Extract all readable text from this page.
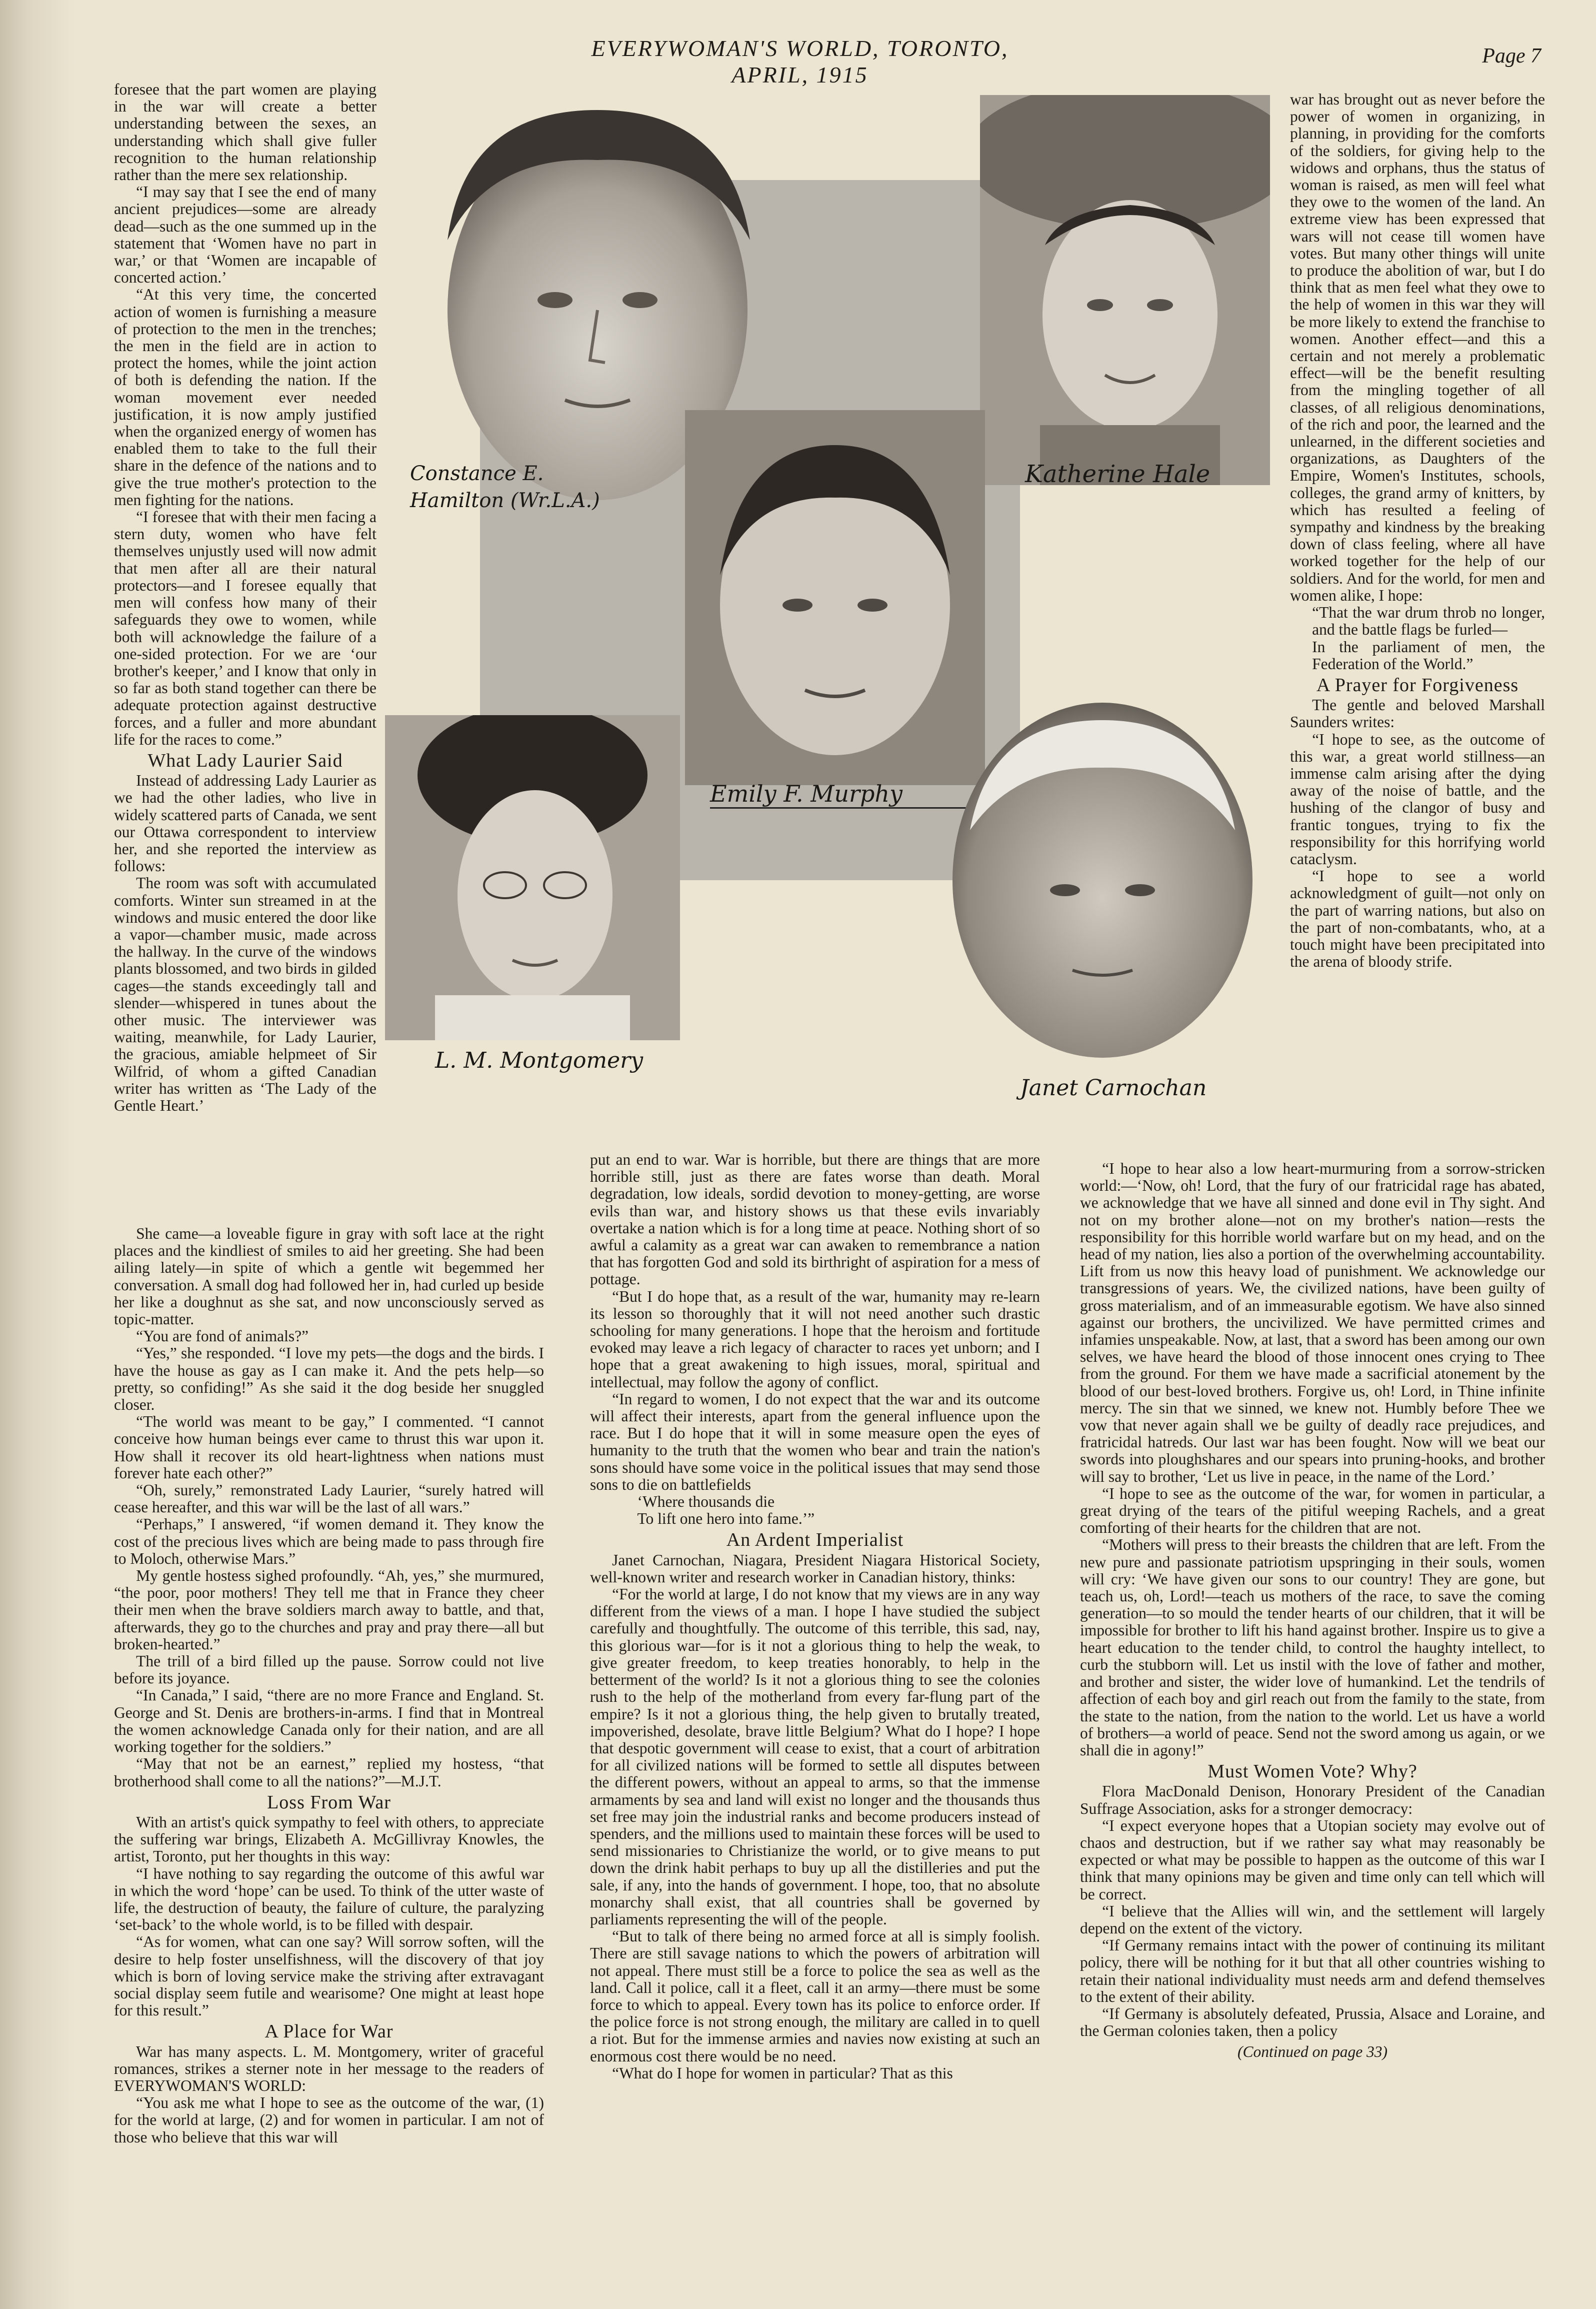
EVERYWOMAN'S WORLD, TORONTO, APRIL, 1915
Page 7
Constance E. Hamilton (Wr.L.A.)
Katherine Hale
Emily F. Murphy
L. M. Montgomery
Janet Carnochan

foresee that the part women are playing in the war will create a better understanding between the sexes, an understanding which shall give fuller recognition to the human relationship rather than the mere sex relationship.

“I may say that I see the end of many ancient prejudices—some are already dead—such as the one summed up in the statement that ‘Women have no part in war,’ or that ‘Women are incapable of concerted action.’

“At this very time, the concerted action of women is furnishing a measure of protection to the men in the trenches; the men in the field are in action to protect the homes, while the joint action of both is defending the nation. If the woman movement ever needed justification, it is now amply justified when the organized energy of women has enabled them to take to the full their share in the defence of the nations and to give the true mother's protection to the men fighting for the nations.

“I foresee that with their men facing a stern duty, women who have felt themselves unjustly used will now admit that men after all are their natural protectors—and I foresee equally that men will confess how many of their safeguards they owe to women, while both will acknowledge the failure of a one-sided protection. For we are ‘our brother's keeper,’ and I know that only in so far as both stand together can there be adequate protection against destructive forces, and a fuller and more abundant life for the races to come.”

What Lady Laurier Said

Instead of addressing Lady Laurier as we had the other ladies, who live in widely scattered parts of Canada, we sent our Ottawa correspondent to interview her, and she reported the interview as follows:

The room was soft with accumulated comforts. Winter sun streamed in at the windows and music entered the door like a vapor—chamber music, made across the hallway. In the curve of the windows plants blossomed, and two birds in gilded cages—the stands exceedingly tall and slender—whispered in tunes about the other music. The interviewer was waiting, meanwhile, for Lady Laurier, the gracious, amiable helpmeet of Sir Wilfrid, of whom a gifted Canadian writer has written as ‘The Lady of the Gentle Heart.’

She came—a loveable figure in gray with soft lace at the right places and the kindliest of smiles to aid her greeting. She had been ailing lately—in spite of which a gentle wit begemmed her conversation. A small dog had followed her in, had curled up beside her like a doughnut as she sat, and now unconsciously served as topic-matter.

“You are fond of animals?”

“Yes,” she responded. “I love my pets—the dogs and the birds. I have the house as gay as I can make it. And the pets help—so pretty, so confiding!” As she said it the dog beside her snuggled closer.

“The world was meant to be gay,” I commented. “I cannot conceive how human beings ever came to thrust this war upon it. How shall it recover its old heart-lightness when nations must forever hate each other?”

“Oh, surely,” remonstrated Lady Laurier, “surely hatred will cease hereafter, and this war will be the last of all wars.”

“Perhaps,” I answered, “if women demand it. They know the cost of the precious lives which are being made to pass through fire to Moloch, otherwise Mars.”

My gentle hostess sighed profoundly. “Ah, yes,” she murmured, “the poor, poor mothers! They tell me that in France they cheer their men when the brave soldiers march away to battle, and that, afterwards, they go to the churches and pray and pray there—all but broken-hearted.”

The trill of a bird filled up the pause. Sorrow could not live before its joyance.

“In Canada,” I said, “there are no more France and England. St. George and St. Denis are brothers-in-arms. I find that in Montreal the women acknowledge Canada only for their nation, and are all working together for the soldiers.”

“May that not be an earnest,” replied my hostess, “that brotherhood shall come to all the nations?”—M.J.T.

Loss From War

With an artist's quick sympathy to feel with others, to appreciate the suffering war brings, Elizabeth A. McGillivray Knowles, the artist, Toronto, put her thoughts in this way:

“I have nothing to say regarding the outcome of this awful war in which the word ‘hope’ can be used. To think of the utter waste of life, the destruction of beauty, the failure of culture, the paralyzing ‘set-back’ to the whole world, is to be filled with despair.

“As for women, what can one say? Will sorrow soften, will the desire to help foster unselfishness, will the discovery of that joy which is born of loving service make the striving after extravagant social display seem futile and wearisome? One might at least hope for this result.”

A Place for War

War has many aspects. L. M. Montgomery, writer of graceful romances, strikes a sterner note in her message to the readers of EVERYWOMAN'S WORLD:

“You ask me what I hope to see as the outcome of the war, (1) for the world at large, (2) and for women in particular. I am not of those who believe that this war will

put an end to war. War is horrible, but there are things that are more horrible still, just as there are fates worse than death. Moral degradation, low ideals, sordid devotion to money-getting, are worse evils than war, and history shows us that these evils invariably overtake a nation which is for a long time at peace. Nothing short of so awful a calamity as a great war can awaken to remembrance a nation that has forgotten God and sold its birthright of aspiration for a mess of pottage.

“But I do hope that, as a result of the war, humanity may re-learn its lesson so thoroughly that it will not need another such drastic schooling for many generations. I hope that the heroism and fortitude evoked may leave a rich legacy of character to races yet unborn; and I hope that a great awakening to high issues, moral, spiritual and intellectual, may follow the agony of conflict.

“In regard to women, I do not expect that the war and its outcome will affect their interests, apart from the general influence upon the race. But I do hope that it will in some measure open the eyes of humanity to the truth that the women who bear and train the nation's sons should have some voice in the political issues that may send those sons to die on battlefields

‘Where thousands die

To lift one hero into fame.’”

An Ardent Imperialist

Janet Carnochan, Niagara, President Niagara Historical Society, well-known writer and research worker in Canadian history, thinks:

“For the world at large, I do not know that my views are in any way different from the views of a man. I hope I have studied the subject carefully and thoughtfully. The outcome of this terrible, this sad, nay, this glorious war—for is it not a glorious thing to help the weak, to give greater freedom, to keep treaties honorably, to help in the betterment of the world? Is it not a glorious thing to see the colonies rush to the help of the motherland from every far-flung part of the empire? Is it not a glorious thing, the help given to brutally treated, impoverished, desolate, brave little Belgium? What do I hope? I hope that despotic government will cease to exist, that a court of arbitration for all civilized nations will be formed to settle all disputes between the different powers, without an appeal to arms, so that the immense armaments by sea and land will exist no longer and the thousands thus set free may join the industrial ranks and become producers instead of spenders, and the millions used to maintain these forces will be used to send missionaries to Christianize the world, or to give means to put down the drink habit perhaps to buy up all the distilleries and put the sale, if any, into the hands of government. I hope, too, that no absolute monarchy shall exist, that all countries shall be governed by parliaments representing the will of the people.

“But to talk of there being no armed force at all is simply foolish. There are still savage nations to which the powers of arbitration will not appeal. There must still be a force to police the sea as well as the land. Call it police, call it a fleet, call it an army—there must be some force to which to appeal. Every town has its police to enforce order. If the police force is not strong enough, the military are called in to quell a riot. But for the immense armies and navies now existing at such an enormous cost there would be no need.

“What do I hope for women in particular? That as this

war has brought out as never before the power of women in organizing, in planning, in providing for the comforts of the soldiers, for giving help to the widows and orphans, thus the status of woman is raised, as men will feel what they owe to the women of the land. An extreme view has been expressed that wars will not cease till women have votes. But many other things will unite to produce the abolition of war, but I do think that as men feel what they owe to the help of women in this war they will be more likely to extend the franchise to women. Another effect—and this a certain and not merely a problematic effect—will be the benefit resulting from the mingling together of all classes, of all religious denominations, of the rich and poor, the learned and the unlearned, in the different societies and organizations, as Daughters of the Empire, Women's Institutes, schools, colleges, the grand army of knitters, by which has resulted a feeling of sympathy and kindness by the breaking down of class feeling, where all have worked together for the help of our soldiers. And for the world, for men and women alike, I hope:

“That the war drum throb no longer, and the battle flags be furled—

In the parliament of men, the Federation of the World.”

A Prayer for Forgiveness

The gentle and beloved Marshall Saunders writes:

“I hope to see, as the outcome of this war, a great world stillness—an immense calm arising after the dying away of the noise of battle, and the hushing of the clangor of busy and frantic tongues, trying to fix the responsibility for this horrifying world cataclysm.

“I hope to see a world acknowledgment of guilt—not only on the part of warring nations, but also on the part of non-combatants, who, at a touch might have been precipitated into the arena of bloody strife.

“I hope to hear also a low heart-murmuring from a sorrow-stricken world:—‘Now, oh! Lord, that the fury of our fratricidal rage has abated, we acknowledge that we have all sinned and done evil in Thy sight. And not on my brother alone—not on my brother's nation—rests the responsibility for this horrible world warfare but on my head, and on the head of my nation, lies also a portion of the overwhelming accountability. Lift from us now this heavy load of punishment. We acknowledge our transgressions of years. We, the civilized nations, have been guilty of gross materialism, and of an immeasurable egotism. We have also sinned against our brothers, the uncivilized. We have permitted crimes and infamies unspeakable. Now, at last, that a sword has been among our own selves, we have heard the blood of those innocent ones crying to Thee from the ground. For them we have made a sacrificial atonement by the blood of our best-loved brothers. Forgive us, oh! Lord, in Thine infinite mercy. The sin that we sinned, we knew not. Humbly before Thee we vow that never again shall we be guilty of deadly race prejudices, and fratricidal hatreds. Our last war has been fought. Now will we beat our swords into ploughshares and our spears into pruning-hooks, and brother will say to brother, ‘Let us live in peace, in the name of the Lord.’

“I hope to see as the outcome of the war, for women in particular, a great drying of the tears of the pitiful weeping Rachels, and a great comforting of their hearts for the children that are not.

“Mothers will press to their breasts the children that are left. From the new pure and passionate patriotism upspringing in their souls, women will cry: ‘We have given our sons to our country! They are gone, but teach us, oh, Lord!—teach us mothers of the race, to save the coming generation—to so mould the tender hearts of our children, that it will be impossible for brother to lift his hand against brother. Inspire us to give a heart education to the tender child, to control the haughty intellect, to curb the stubborn will. Let us instil with the love of father and mother, and brother and sister, the wider love of humankind. Let the tendrils of affection of each boy and girl reach out from the family to the state, from the state to the nation, from the nation to the world. Let us have a world of brothers—a world of peace. Send not the sword among us again, or we shall die in agony!”

Must Women Vote? Why?

Flora MacDonald Denison, Honorary President of the Canadian Suffrage Association, asks for a stronger democracy:

“I expect everyone hopes that a Utopian society may evolve out of chaos and destruction, but if we rather say what may reasonably be expected or what may be possible to happen as the outcome of this war I think that many opinions may be given and time only can tell which will be correct.

“I believe that the Allies will win, and the settlement will largely depend on the extent of the victory.

“If Germany remains intact with the power of continuing its militant policy, there will be nothing for it but that all other countries wishing to retain their national individuality must needs arm and defend themselves to the extent of their ability.

“If Germany is absolutely defeated, Prussia, Alsace and Loraine, and the German colonies taken, then a policy

(Continued on page 33)
